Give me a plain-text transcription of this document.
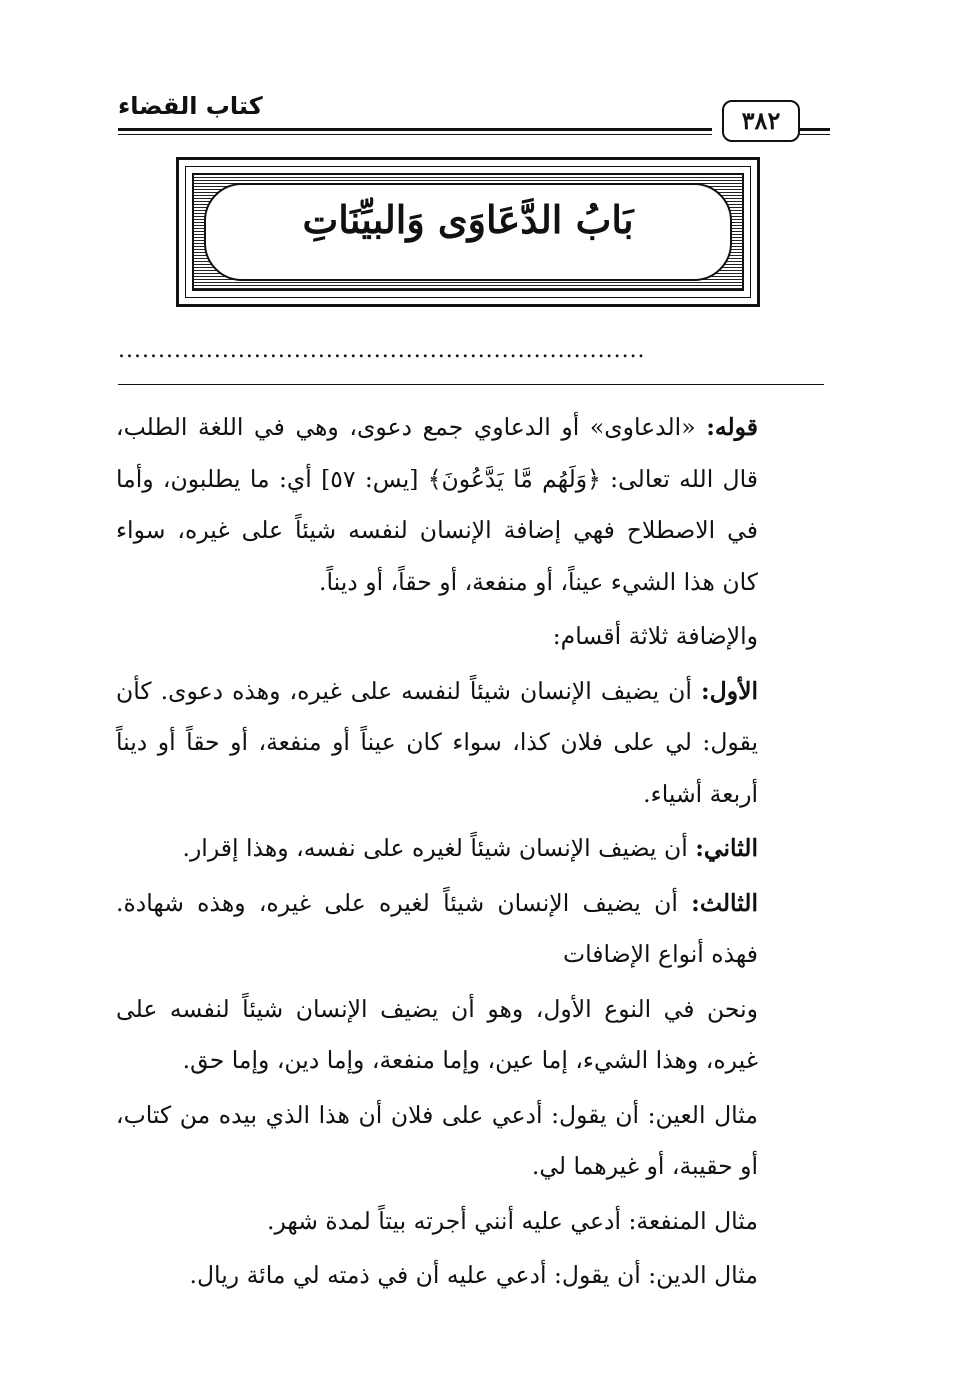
كتاب القضاء	٣٨٢
بَابُ الدَّعَاوَى وَالبيِّنَاتِ
..................................................................

قوله: «الدعاوى» أو الدعاوي جمع دعوى، وهي في اللغة الطلب، قال الله تعالى: ﴿وَلَهُم مَّا يَدَّعُونَ﴾ [يس: ٥٧] أي: ما يطلبون، وأما في الاصطلاح فهي إضافة الإنسان لنفسه شيئاً على غيره، سواء كان هذا الشيء عيناً، أو منفعة، أو حقاً، أو ديناً.

والإضافة ثلاثة أقسام:

الأول: أن يضيف الإنسان شيئاً لنفسه على غيره، وهذه دعوى. كأن يقول: لي على فلان كذا، سواء كان عيناً أو منفعة، أو حقاً أو ديناً أربعة أشياء.

الثاني: أن يضيف الإنسان شيئاً لغيره على نفسه، وهذا إقرار.

الثالث: أن يضيف الإنسان شيئاً لغيره على غيره، وهذه شهادة. فهذه أنواع الإضافات

ونحن في النوع الأول، وهو أن يضيف الإنسان شيئاً لنفسه على غيره، وهذا الشيء، إما عين، وإما منفعة، وإما دين، وإما حق.

مثال العين: أن يقول: أدعي على فلان أن هذا الذي بيده من كتاب، أو حقيبة، أو غيرهما لي.

مثال المنفعة: أدعي عليه أنني أجرته بيتاً لمدة شهر.

مثال الدين: أن يقول: أدعي عليه أن في ذمته لي مائة ريال.
